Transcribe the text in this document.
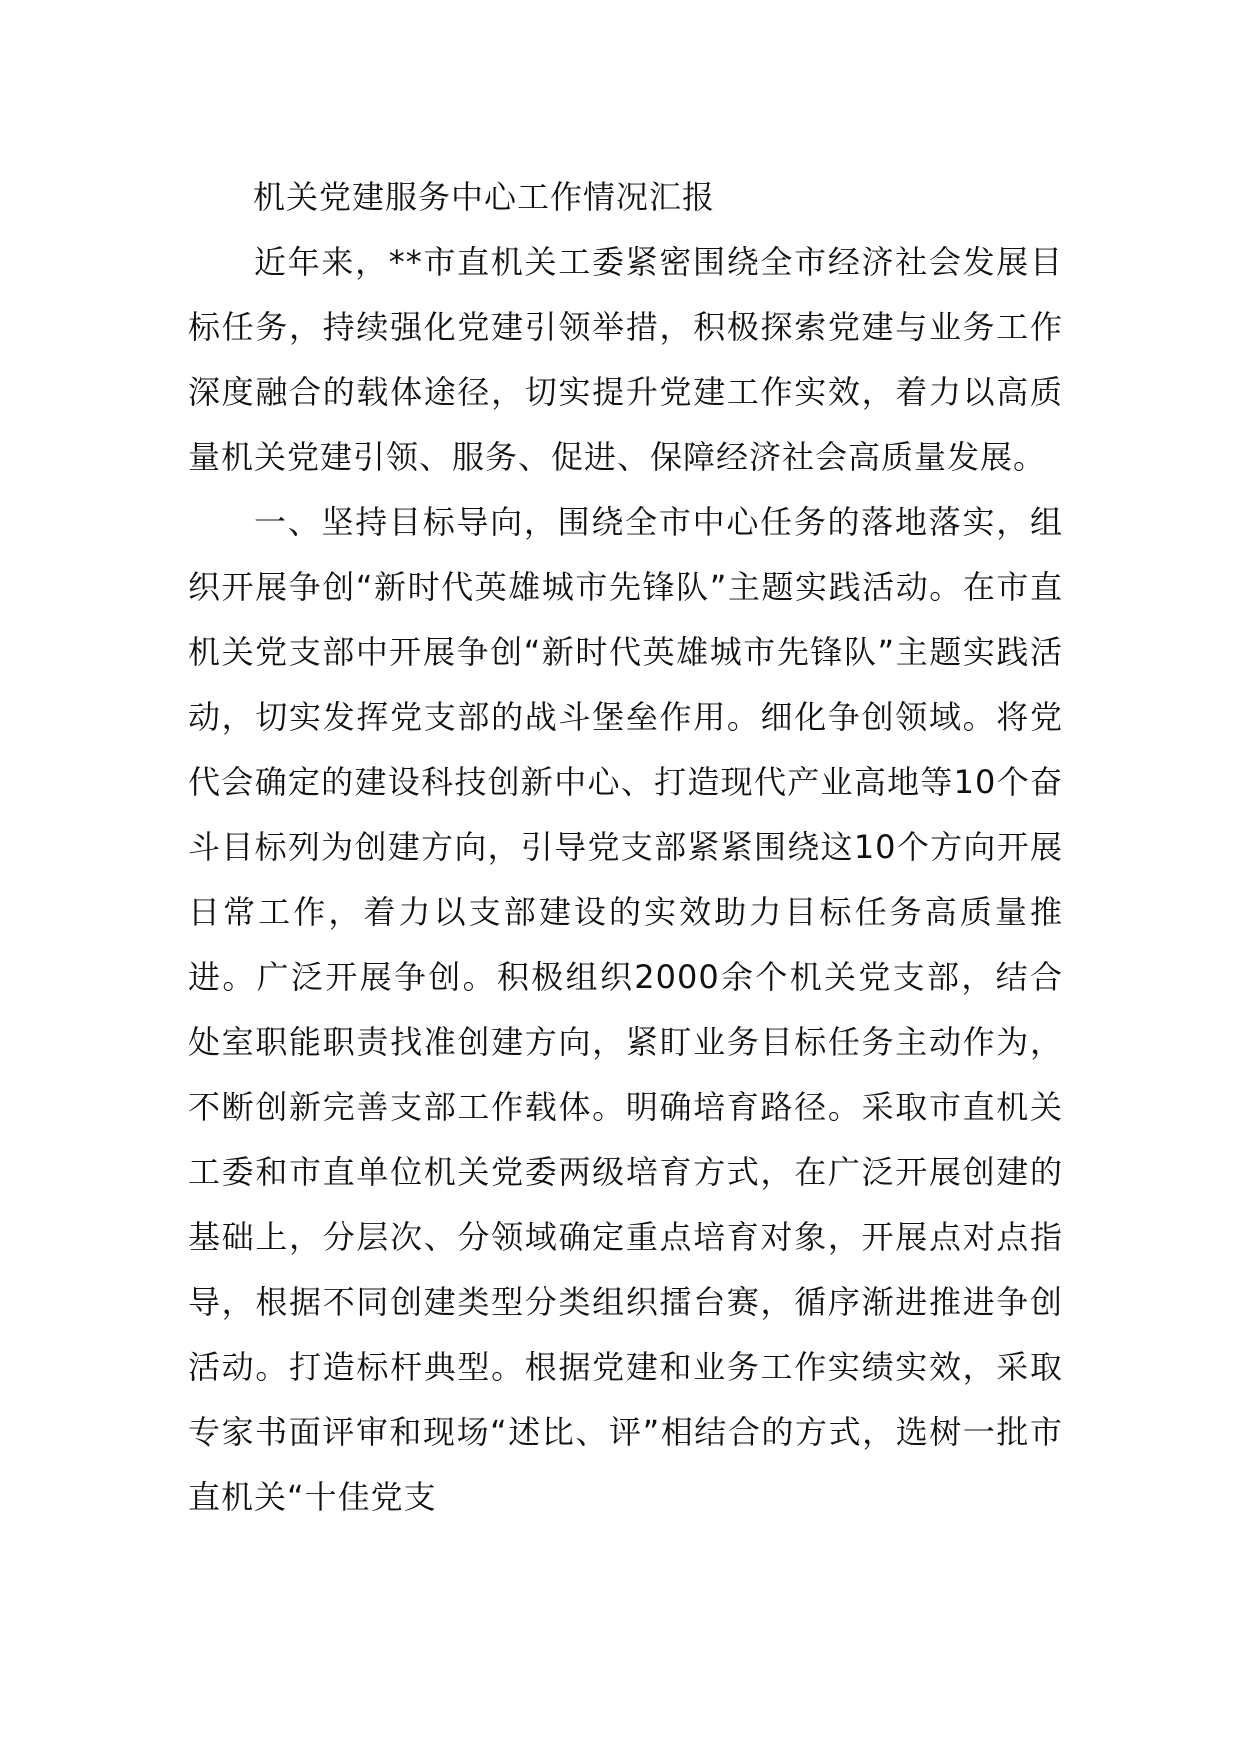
机关党建服务中心工作情况汇报

近年来，**市直机关工委紧密围绕全市经济社会发展目标任务，持续强化党建引领举措，积极探索党建与业务工作深度融合的载体途径，切实提升党建工作实效，着力以高质量机关党建引领、服务、促进、保障经济社会高质量发展。

一、坚持目标导向，围绕全市中心任务的落地落实，组织开展争创“新时代英雄城市先锋队”主题实践活动。在市直机关党支部中开展争创“新时代英雄城市先锋队”主题实践活动，切实发挥党支部的战斗堡垒作用。细化争创领域。将党代会确定的建设科技创新中心、打造现代产业高地等10个奋斗目标列为创建方向，引导党支部紧紧围绕这10个方向开展日常工作，着力以支部建设的实效助力目标任务高质量推进。广泛开展争创。积极组织2000余个机关党支部，结合处室职能职责找准创建方向，紧盯业务目标任务主动作为，不断创新完善支部工作载体。明确培育路径。采取市直机关工委和市直单位机关党委两级培育方式，在广泛开展创建的基础上，分层次、分领域确定重点培育对象，开展点对点指导，根据不同创建类型分类组织擂台赛，循序渐进推进争创活动。打造标杆典型。根据党建和业务工作实绩实效，采取专家书面评审和现场“述比、评”相结合的方式，选树一批市直机关“十佳党支
